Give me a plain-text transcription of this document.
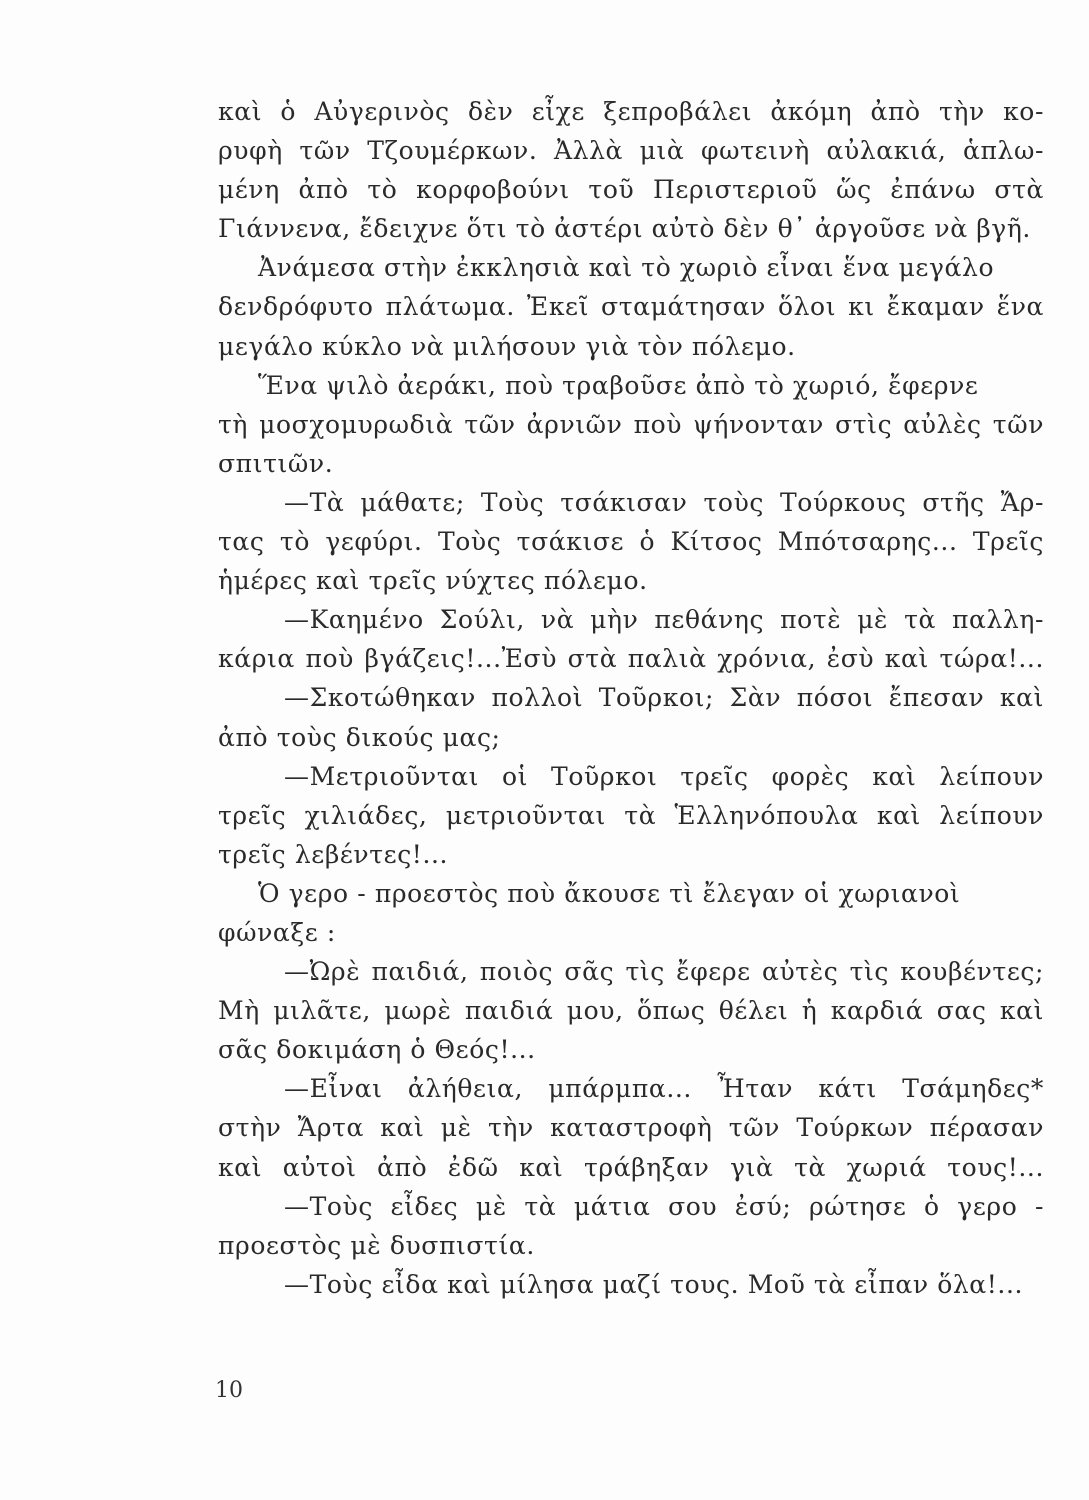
καὶ ὁ Αὐγερινὸς δὲν εἶχε ξεπροβάλει ἀκόμη ἀπὸ τὴν κο-
ρυφὴ τῶν Τζουμέρκων. Ἀλλὰ μιὰ φωτεινὴ αὐλακιά, ἁπλω-
μένη ἀπὸ τὸ κορφοβούνι τοῦ Περιστεριοῦ ὥς ἐπάνω στὰ
Γιάννενα, ἔδειχνε ὅτι τὸ ἀστέρι αὐτὸ δὲν θ᾽ ἀργοῦσε νὰ βγῆ.
Ἀνάμεσα στὴν ἐκκλησιὰ καὶ τὸ χωριὸ εἶναι ἕνα μεγάλο
δενδρόφυτο πλάτωμα. Ἐκεῖ σταμάτησαν ὅλοι κι ἔκαμαν ἕνα
μεγάλο κύκλο νὰ μιλήσουν γιὰ τὸν πόλεμο.
Ἕνα ψιλὸ ἀεράκι, ποὺ τραβοῦσε ἀπὸ τὸ χωριό, ἔφερνε
τὴ μοσχομυρωδιὰ τῶν ἀρνιῶν ποὺ ψήνονταν στὶς αὐλὲς τῶν
σπιτιῶν.
—Τὰ μάθατε; Τοὺς τσάκισαν τοὺς Τούρκους στῆς Ἄρ-
τας τὸ γεφύρι. Τοὺς τσάκισε ὁ Κίτσος Μπότσαρης... Τρεῖς
ἡμέρες καὶ τρεῖς νύχτες πόλεμο.
—Καημένο Σούλι, νὰ μὴν πεθάνης ποτὲ μὲ τὰ παλλη-
κάρια ποὺ βγάζεις!...Ἐσὺ στὰ παλιὰ χρόνια, ἐσὺ καὶ τώρα!...
—Σκοτώθηκαν πολλοὶ Τοῦρκοι; Σὰν πόσοι ἔπεσαν καὶ
ἀπὸ τοὺς δικούς μας;
—Μετριοῦνται οἱ Τοῦρκοι τρεῖς φορὲς καὶ λείπουν
τρεῖς χιλιάδες, μετριοῦνται τὰ Ἑλληνόπουλα καὶ λείπουν
τρεῖς λεβέντες!...
Ὁ γερο - προεστὸς ποὺ ἄκουσε τὶ ἔλεγαν οἱ χωριανοὶ
φώναξε :
—Ὠρὲ παιδιά, ποιὸς σᾶς τὶς ἔφερε αὐτὲς τὶς κουβέντες;
Μὴ μιλᾶτε, μωρὲ παιδιά μου, ὅπως θέλει ἡ καρδιά σας καὶ
σᾶς δοκιμάση ὁ Θεός!...
—Εἶναι ἀλήθεια, μπάρμπα... Ἦταν κάτι Τσάμηδες*
στὴν Ἄρτα καὶ μὲ τὴν καταστροφὴ τῶν Τούρκων πέρασαν
καὶ αὐτοὶ ἀπὸ ἐδῶ καὶ τράβηξαν γιὰ τὰ χωριά τους!...
—Τοὺς εἶδες μὲ τὰ μάτια σου ἐσύ; ρώτησε ὁ γερο -
προεστὸς μὲ δυσπιστία.
—Τοὺς εἶδα καὶ μίλησα μαζί τους. Μοῦ τὰ εἶπαν ὅλα!...
10
